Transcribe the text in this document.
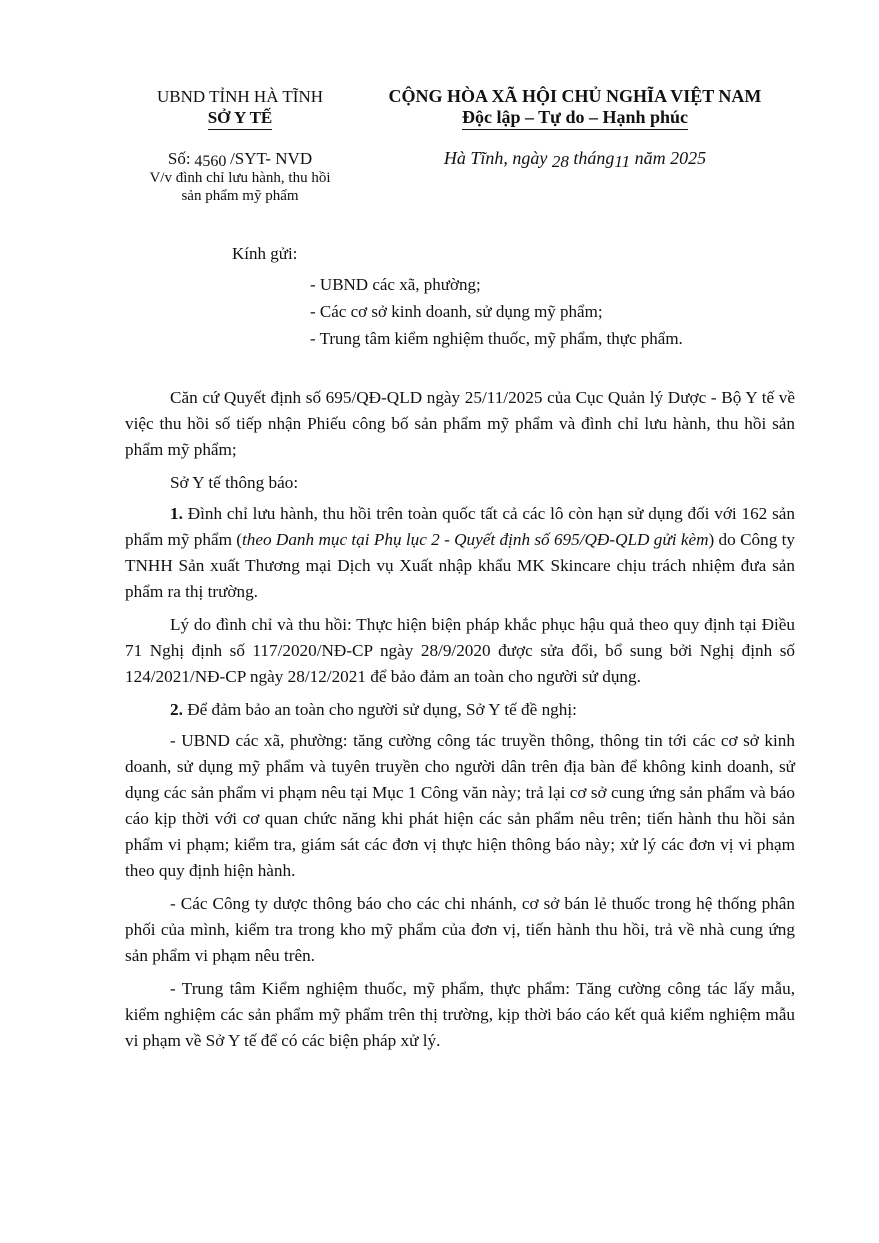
UBND TỈNH HÀ TĨNH
SỞ Y TẾ
CỘNG HÒA XÃ HỘI CHỦ NGHĨA VIỆT NAM
Độc lập – Tự do – Hạnh phúc
Số: 4560 /SYT- NVD
V/v đình chỉ lưu hành, thu hồi
sản phẩm mỹ phẩm
Hà Tĩnh, ngày 28 tháng11 năm 2025
Kính gửi:
- UBND các xã, phường;
- Các cơ sở kinh doanh, sử dụng mỹ phẩm;
- Trung tâm kiểm nghiệm thuốc, mỹ phẩm, thực phẩm.

Căn cứ Quyết định số 695/QĐ-QLD ngày 25/11/2025 của Cục Quản lý Dược - Bộ Y tế về việc thu hồi số tiếp nhận Phiếu công bố sản phẩm mỹ phẩm và đình chỉ lưu hành, thu hồi sản phẩm mỹ phẩm;

Sở Y tế thông báo:

1. Đình chỉ lưu hành, thu hồi trên toàn quốc tất cả các lô còn hạn sử dụng đối với 162 sản phẩm mỹ phẩm (theo Danh mục tại Phụ lục 2 - Quyết định số 695/QĐ-QLD gửi kèm) do Công ty TNHH Sản xuất Thương mại Dịch vụ Xuất nhập khẩu MK Skincare chịu trách nhiệm đưa sản phẩm ra thị trường.

Lý do đình chỉ và thu hồi: Thực hiện biện pháp khắc phục hậu quả theo quy định tại Điều 71 Nghị định số 117/2020/NĐ-CP ngày 28/9/2020 được sửa đổi, bổ sung bởi Nghị định số 124/2021/NĐ-CP ngày 28/12/2021 để bảo đảm an toàn cho người sử dụng.

2. Để đảm bảo an toàn cho người sử dụng, Sở Y tế đề nghị:

- UBND các xã, phường: tăng cường công tác truyền thông, thông tin tới các cơ sở kinh doanh, sử dụng mỹ phẩm và tuyên truyền cho người dân trên địa bàn để không kinh doanh, sử dụng các sản phẩm vi phạm nêu tại Mục 1 Công văn này; trả lại cơ sở cung ứng sản phẩm và báo cáo kịp thời với cơ quan chức năng khi phát hiện các sản phẩm nêu trên; tiến hành thu hồi sản phẩm vi phạm; kiểm tra, giám sát các đơn vị thực hiện thông báo này; xử lý các đơn vị vi phạm theo quy định hiện hành.

- Các Công ty dược thông báo cho các chi nhánh, cơ sở bán lẻ thuốc trong hệ thống phân phối của mình, kiểm tra trong kho mỹ phẩm của đơn vị, tiến hành thu hồi, trả về nhà cung ứng sản phẩm vi phạm nêu trên.

- Trung tâm Kiểm nghiệm thuốc, mỹ phẩm, thực phẩm: Tăng cường công tác lấy mẫu, kiểm nghiệm các sản phẩm mỹ phẩm trên thị trường, kịp thời báo cáo kết quả kiểm nghiệm mẫu vi phạm về Sở Y tế để có các biện pháp xử lý.
